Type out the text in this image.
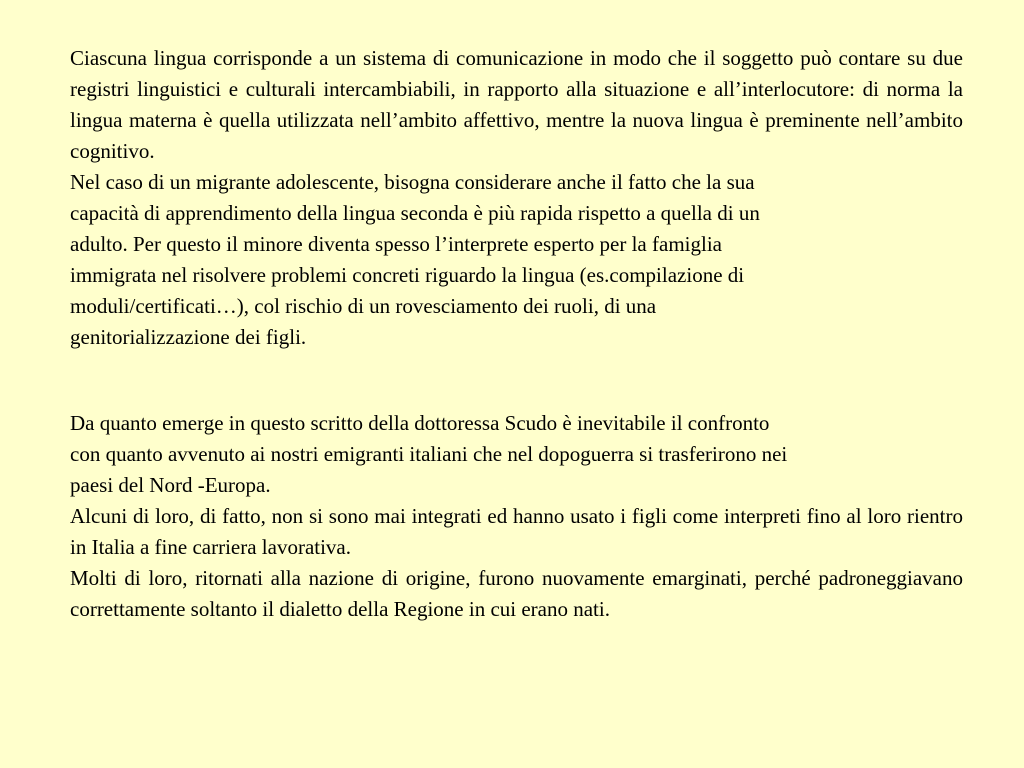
Ciascuna lingua corrisponde a un sistema di comunicazione in modo che il soggetto può contare su due registri linguistici e culturali intercambiabili, in rapporto alla situazione e all’interlocutore: di norma la lingua materna è quella utilizzata nell’ambito affettivo, mentre la nuova lingua è preminente nell’ambito cognitivo.

Nel caso di un migrante adolescente, bisogna considerare anche il fatto che la sua
capacità di apprendimento della lingua seconda è più rapida rispetto a quella di un
adulto. Per questo il minore diventa spesso l’interprete esperto per la famiglia
immigrata nel risolvere problemi concreti riguardo la lingua (es.compilazione di
moduli/certificati…), col rischio di un rovesciamento dei ruoli, di una
genitorializzazione dei figli.

Da quanto emerge in questo scritto della dottoressa Scudo è inevitabile il confronto
con quanto avvenuto ai nostri emigranti italiani che nel dopoguerra si trasferirono nei
paesi del Nord -Europa.

Alcuni di loro, di fatto, non si sono mai integrati ed hanno usato i figli come interpreti fino al loro rientro in Italia a fine carriera lavorativa.

Molti di loro, ritornati alla nazione di origine, furono nuovamente emarginati, perché padroneggiavano correttamente soltanto il dialetto della Regione in cui erano nati.
